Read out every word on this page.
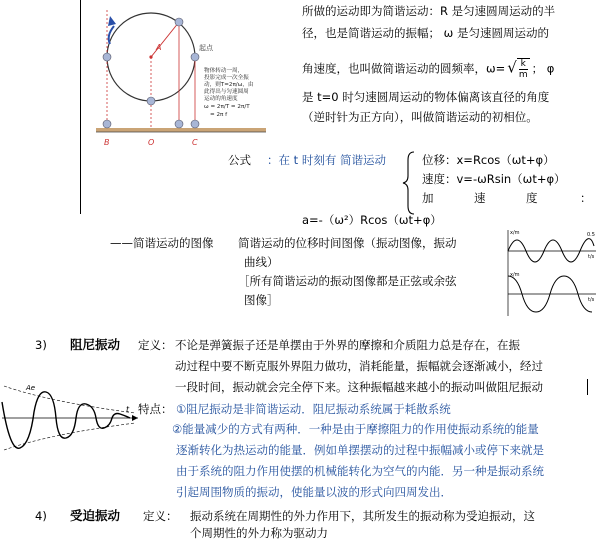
A	起点
B	O	C
物体转动一周，
投影完成一次全振
动，则T=2π/ω，由
此得出与匀速圆周
运动的角速度
ω = 2π/T = 2π/T
= 2π f
所做的运动即为简谐运动：R 是匀速圆周运动的半
径，也是简谐运动的振幅； ω 是匀速圆周运动的
角速度，也叫做简谐运动的圆频率，ω= √ $\frac{k}{m}$ ； φ
是 t=0 时匀速圆周运动的物体偏离该直径的角度
（逆时针为正方向），叫做简谐运动的初相位。
公式 ：在 t 时刻有 简谐运动	位移：x=Rcos（ωt+φ）
速度：v=-ωRsin（ωt+φ）
加	速	度	：
a=-（ω²）Rcos（ωt+φ）
——简谐运动的图像 简谐运动的位移时间图像（振动图像，振动
曲线）
［所有简谐运动的振动图像都是正弦或余弦
图像］
x/m	0.5
t/s
x/m
t/s
3) 阻尼振动 定义： 不论是弹簧振子还是单摆由于外界的摩擦和介质阻力总是存在，在振
动过程中要不断克服外界阻力做功，消耗能量，振幅就会逐渐减小，经过
一段时间，振动就会完全停下来。这种振幅越来越小的振动叫做阻尼振动
特点： ①阻尼振动是非简谐运动．阻尼振动系统属于耗散系统
②能量减少的方式有两种．一种是由于摩擦阻力的作用使振动系统的能量
逐渐转化为热运动的能量．例如单摆摆动的过程中振幅减小或停下来就是
由于系统的阻力作用使摆的机械能转化为空气的内能．另一种是振动系统
引起周围物质的振动，使能量以波的形式向四周发出．
Ae
t
4) 受迫振动 定义： 振动系统在周期性的外力作用下，其所发生的振动称为受迫振动，这
个周期性的外力称为驱动力
